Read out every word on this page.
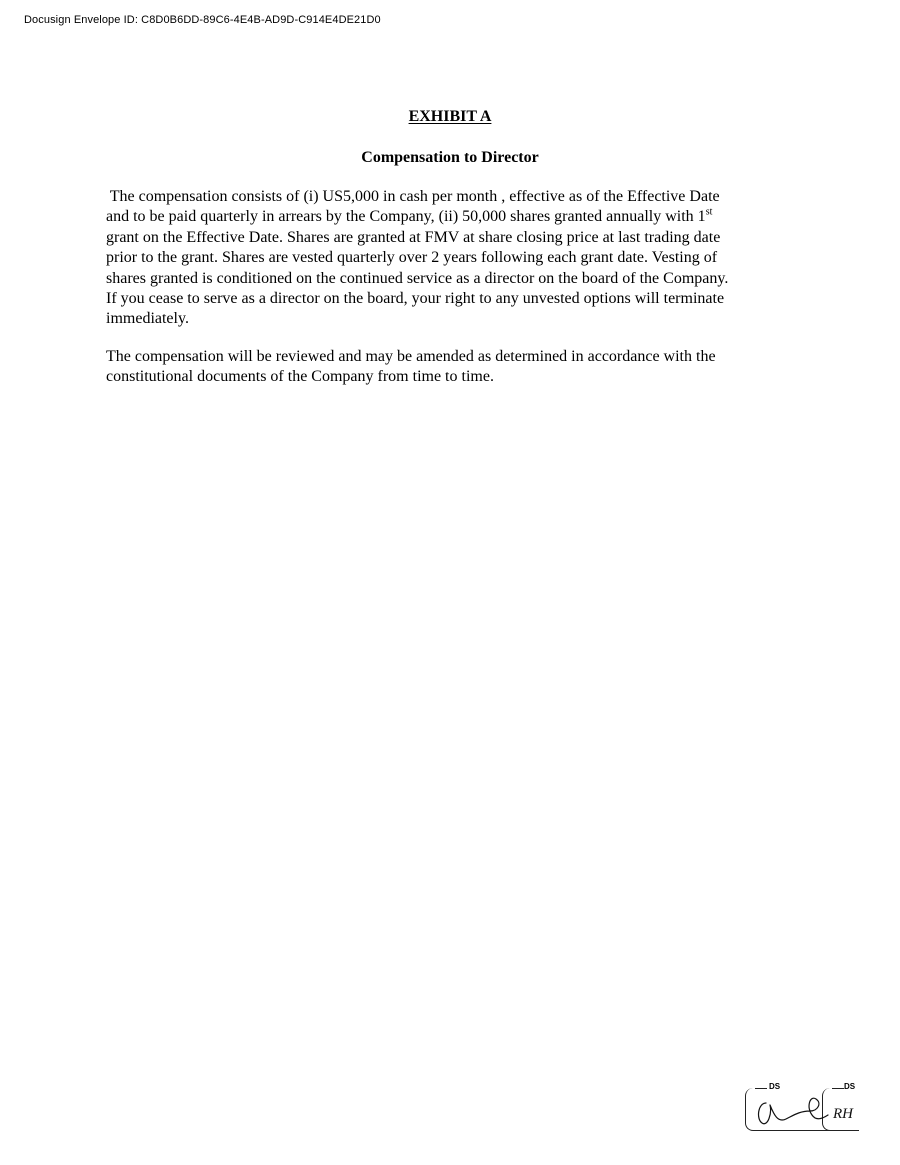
Docusign Envelope ID: C8D0B6DD-89C6-4E4B-AD9D-C914E4DE21D0
EXHIBIT A
Compensation to Director
The compensation consists of (i) US5,000 in cash per month , effective as of the Effective Date
and to be paid quarterly in arrears by the Company, (ii) 50,000 shares granted annually with 1st
grant on the Effective Date. Shares are granted at FMV at share closing price at last trading date
prior to the grant. Shares are vested quarterly over 2 years following each grant date. Vesting of
shares granted is conditioned on the continued service as a director on the board of the Company.
If you cease to serve as a director on the board, your right to any unvested options will terminate
immediately.
The compensation will be reviewed and may be amended as determined in accordance with the
constitutional documents of the Company from time to time.
DS	DS
RH
